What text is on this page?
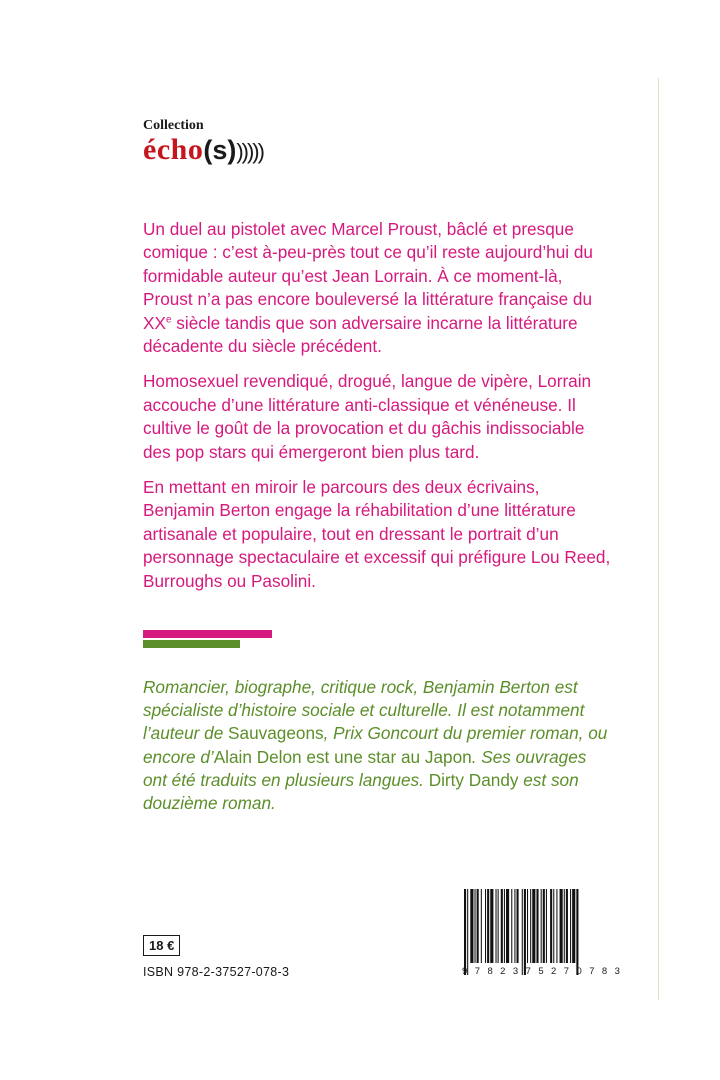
Collection
écho(s))))))

Un duel au pistolet avec Marcel Proust, bâclé et presque comique : c’est à-peu-près tout ce qu’il reste aujourd’hui du formidable auteur qu’est Jean Lorrain. À ce moment-là, Proust n’a pas encore bouleversé la littérature française du XXe siècle tandis que son adversaire incarne la littérature décadente du siècle précédent.

Homosexuel revendiqué, drogué, langue de vipère, Lorrain accouche d’une littérature anti-classique et vénéneuse. Il cultive le goût de la provocation et du gâchis indissociable des pop stars qui émergeront bien plus tard.

En mettant en miroir le parcours des deux écrivains, Benjamin Berton engage la réhabilitation d’une littérature artisanale et populaire, tout en dressant le portrait d’un personnage spectaculaire et excessif qui préfigure Lou Reed, Burroughs ou Pasolini.

Romancier, biographe, critique rock, Benjamin Berton est spécialiste d’histoire sociale et culturelle. Il est notamment l’auteur de Sauvageons, Prix Goncourt du premier roman, ou encore d’Alain Delon est une star au Japon. Ses ouvrages ont été traduits en plusieurs langues. Dirty Dandy est son douzième roman.
18 €
ISBN 978-2-37527-078-3	9 7 8 2 3 7 5 2 7 0 7 8 3
